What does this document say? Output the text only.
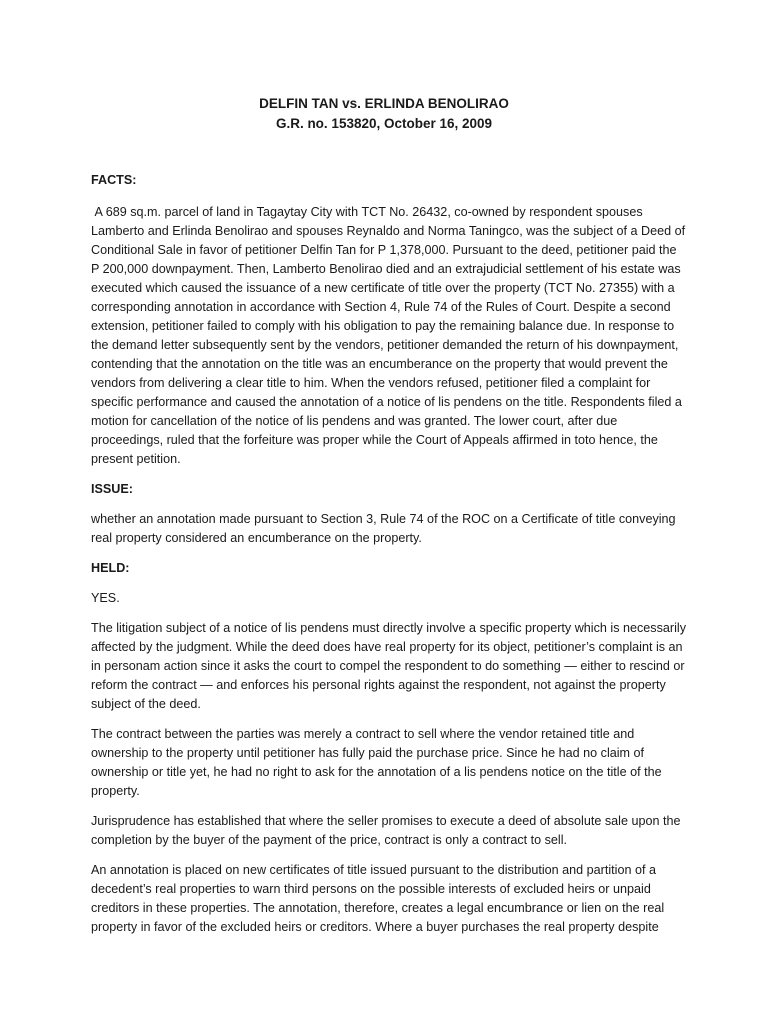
DELFIN TAN vs. ERLINDA BENOLIRAO
G.R. no. 153820, October 16, 2009
FACTS:
A 689 sq.m. parcel of land in Tagaytay City with TCT No. 26432, co-owned by respondent spouses Lamberto and Erlinda Benolirao and spouses Reynaldo and Norma Taningco, was the subject of a Deed of Conditional Sale in favor of petitioner Delfin Tan for P 1,378,000. Pursuant to the deed, petitioner paid the P 200,000 downpayment. Then, Lamberto Benolirao died and an extrajudicial settlement of his estate was executed which caused the issuance of a new certificate of title over the property (TCT No. 27355) with a corresponding annotation in accordance with Section 4, Rule 74 of the Rules of Court. Despite a second extension, petitioner failed to comply with his obligation to pay the remaining balance due. In response to the demand letter subsequently sent by the vendors, petitioner demanded the return of his downpayment, contending that the annotation on the title was an encumberance on the property that would prevent the vendors from delivering a clear title to him. When the vendors refused, petitioner filed a complaint for specific performance and caused the annotation of a notice of lis pendens on the title. Respondents filed a motion for cancellation of the notice of lis pendens and was granted. The lower court, after due proceedings, ruled that the forfeiture was proper while the Court of Appeals affirmed in toto hence, the present petition.
ISSUE:
whether an annotation made pursuant to Section 3, Rule 74 of the ROC on a Certificate of title conveying real property considered an encumberance on the property.
HELD:
YES.
The litigation subject of a notice of lis pendens must directly involve a specific property which is necessarily affected by the judgment. While the deed does have real property for its object, petitioner’s complaint is an in personam action since it asks the court to compel the respondent to do something — either to rescind or reform the contract — and enforces his personal rights against the respondent, not against the property subject of the deed.
The contract between the parties was merely a contract to sell where the vendor retained title and ownership to the property until petitioner has fully paid the purchase price. Since he had no claim of ownership or title yet, he had no right to ask for the annotation of a lis pendens notice on the title of the property.
Jurisprudence has established that where the seller promises to execute a deed of absolute sale upon the completion by the buyer of the payment of the price, contract is only a contract to sell.
An annotation is placed on new certificates of title issued pursuant to the distribution and partition of a decedent’s real properties to warn third persons on the possible interests of excluded heirs or unpaid creditors in these properties. The annotation, therefore, creates a legal encumbrance or lien on the real property in favor of the excluded heirs or creditors. Where a buyer purchases the real property despite
